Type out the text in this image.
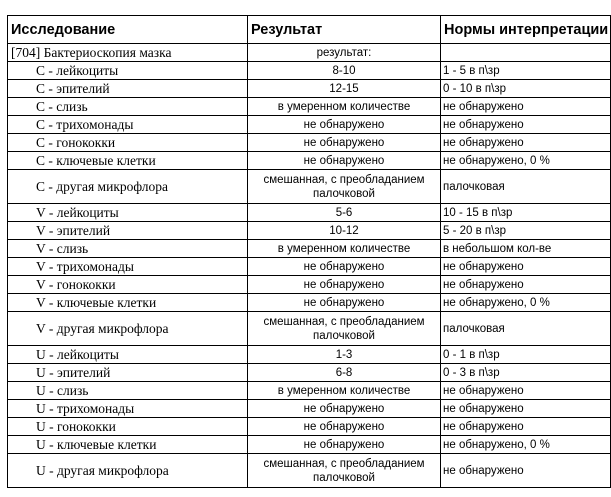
Исследование	Результат	Нормы интерпретации
[704] Бактериоскопия мазка	результат:	
C - лейкоциты	8-10	1 - 5 в п\зр
C - эпителий	12-15	0 - 10 в п\зр
C - слизь	в умеренном количестве	не обнаружено
C - трихомонады	не обнаружено	не обнаружено
C - гонококки	не обнаружено	не обнаружено
C - ключевые клетки	не обнаружено	не обнаружено, 0 %
C - другая микрофлора	смешанная, с преобладанием палочковой	палочковая
V - лейкоциты	5-6	10 - 15 в п\зр
V - эпителий	10-12	5 - 20 в п\зр
V - слизь	в умеренном количестве	в небольшом кол-ве
V - трихомонады	не обнаружено	не обнаружено
V - гонококки	не обнаружено	не обнаружено
V - ключевые клетки	не обнаружено	не обнаружено, 0 %
V - другая микрофлора	смешанная, с преобладанием палочковой	палочковая
U - лейкоциты	1-3	0 - 1 в п\зр
U - эпителий	6-8	0 - 3 в п\зр
U - слизь	в умеренном количестве	не обнаружено
U - трихомонады	не обнаружено	не обнаружено
U - гонококки	не обнаружено	не обнаружено
U - ключевые клетки	не обнаружено	не обнаружено, 0 %
U - другая микрофлора	смешанная, с преобладанием палочковой	не обнаружено
